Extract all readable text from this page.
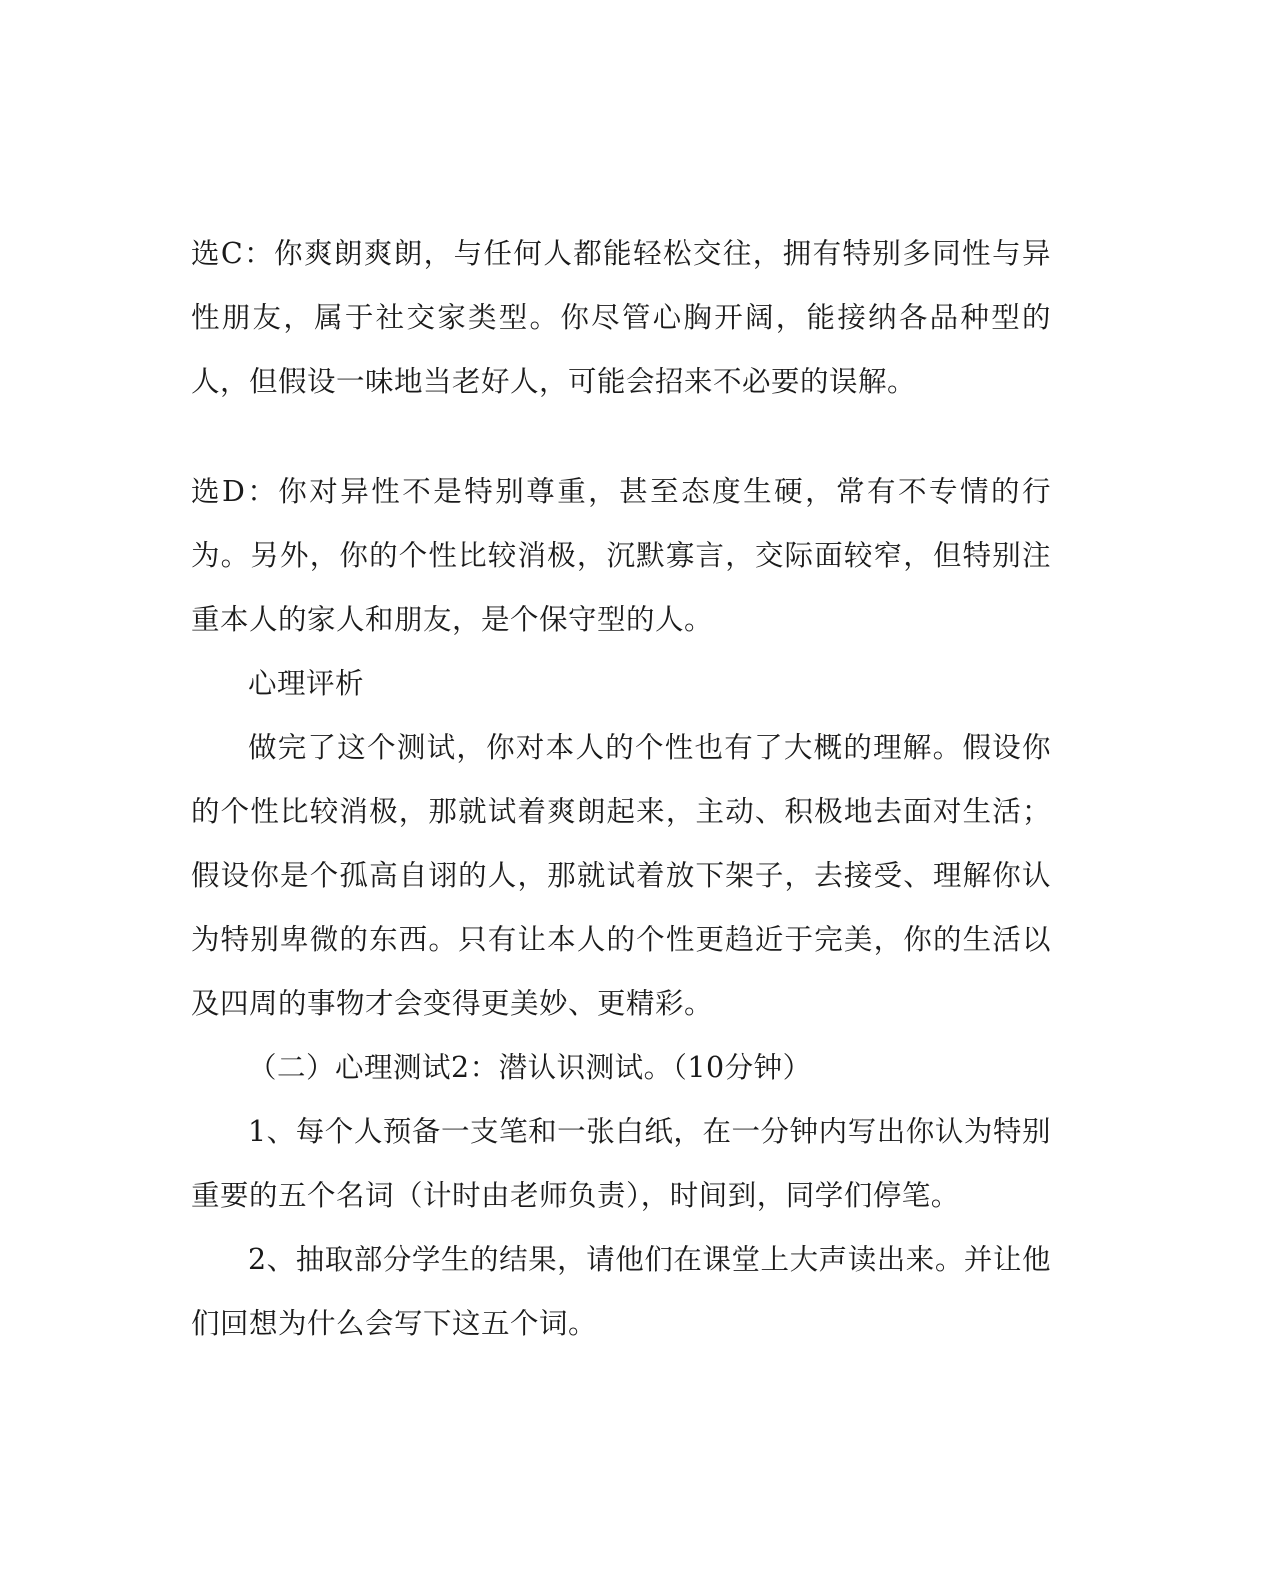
选C：你爽朗爽朗，与任何人都能轻松交往，拥有特别多同性与异性朋友，属于社交家类型。你尽管心胸开阔，能接纳各品种型的人，但假设一味地当老好人，可能会招来不必要的误解。

选D：你对异性不是特别尊重，甚至态度生硬，常有不专情的行为。另外，你的个性比较消极，沉默寡言，交际面较窄，但特别注重本人的家人和朋友，是个保守型的人。

心理评析

做完了这个测试，你对本人的个性也有了大概的理解。假设你的个性比较消极，那就试着爽朗起来，主动、积极地去面对生活；假设你是个孤高自诩的人，那就试着放下架子，去接受、理解你认为特别卑微的东西。只有让本人的个性更趋近于完美，你的生活以及四周的事物才会变得更美妙、更精彩。

（二）心理测试2：潜认识测试。（10分钟）

1、每个人预备一支笔和一张白纸，在一分钟内写出你认为特别重要的五个名词（计时由老师负责），时间到，同学们停笔。

2、抽取部分学生的结果，请他们在课堂上大声读出来。并让他们回想为什么会写下这五个词。
